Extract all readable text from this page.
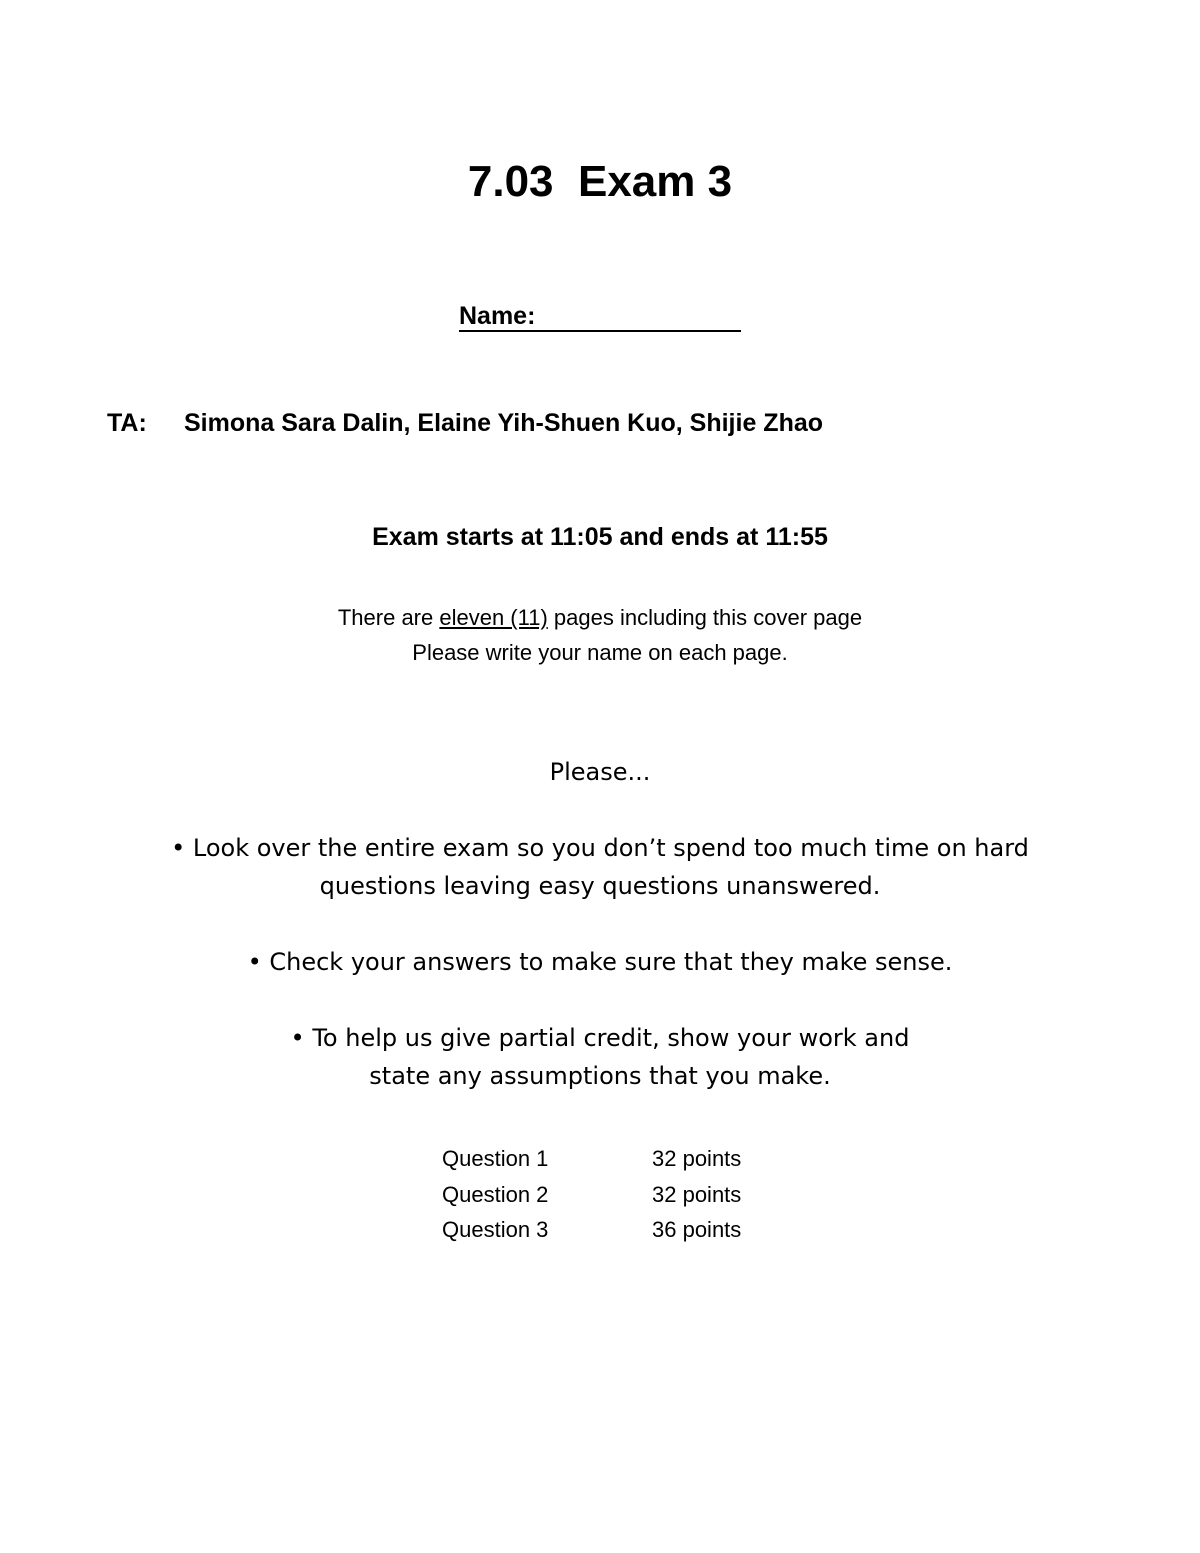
7.03  Exam 3
Name:
TA: Simona Sara Dalin, Elaine Yih-Shuen Kuo, Shijie Zhao
Exam starts at 11:05 and ends at 11:55
There are eleven (11) pages including this cover page
Please write your name on each page.

Please...

• Look over the entire exam so you don’t spend too much time on hard

questions leaving easy questions unanswered.

• Check your answers to make sure that they make sense.

• To help us give partial credit, show your work and

state any assumptions that you make.

Question 1	32 points
Question 2	32 points
Question 3	36 points
